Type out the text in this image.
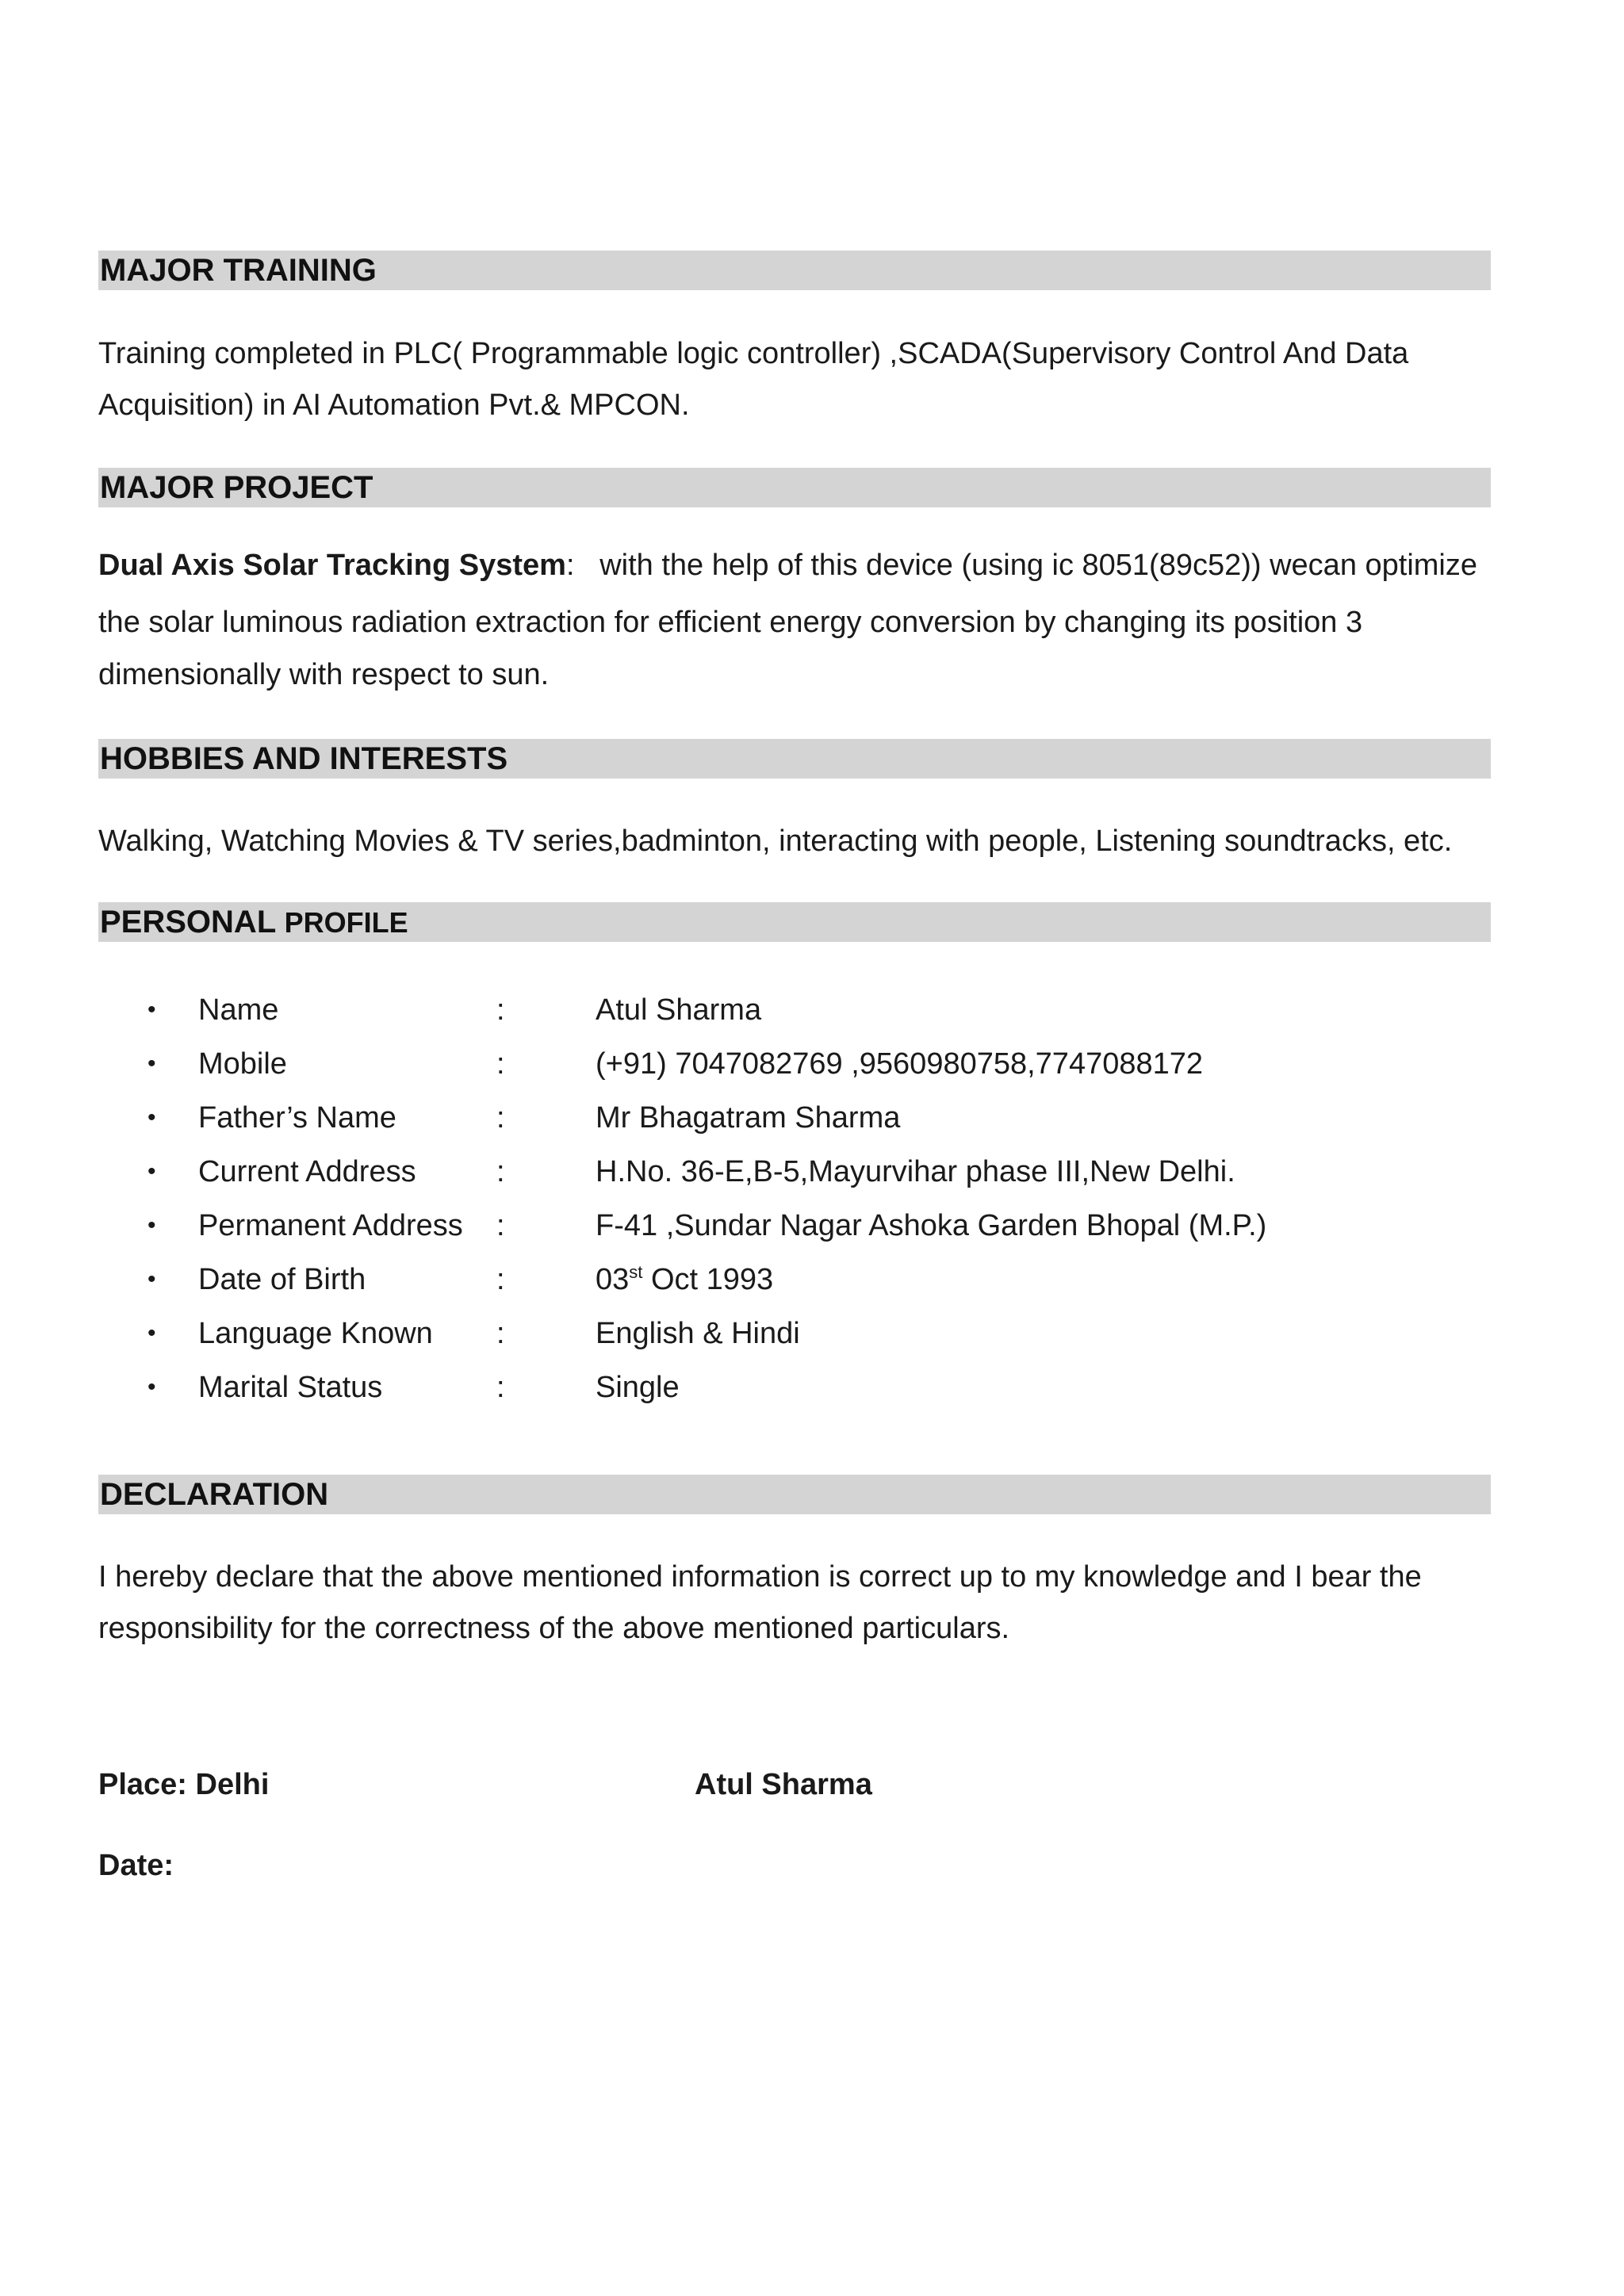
MAJOR TRAINING
Training completed in PLC( Programmable logic controller) ,SCADA(Supervisory Control And Data Acquisition) in AI Automation Pvt.& MPCON.
MAJOR PROJECT
Dual Axis Solar Tracking System: with the help of this device (using ic 8051(89c52)) wecan optimize
the solar luminous radiation extraction for efficient energy conversion by changing its position 3
dimensionally with respect to sun.
HOBBIES AND INTERESTS
Walking, Watching Movies & TV series,badminton, interacting with people, Listening soundtracks, etc.
PERSONAL PROFILE
• Name	:	Atul Sharma
• Mobile	:	(+91) 7047082769 ,9560980758,7747088172
• Father’s Name	:	Mr Bhagatram Sharma
• Current Address	:	H.No. 36-E,B-5,Mayurvihar phase III,New Delhi.
• Permanent Address :	F-41 ,Sundar Nagar Ashoka Garden Bhopal (M.P.)
• Date of Birth	:	03st Oct 1993
• Language Known :	English & Hindi
• Marital Status	:	Single
DECLARATION
I hereby declare that the above mentioned information is correct up to my knowledge and I bear the
responsibility for the correctness of the above mentioned particulars.
Place: Delhi	Atul Sharma
Date:
